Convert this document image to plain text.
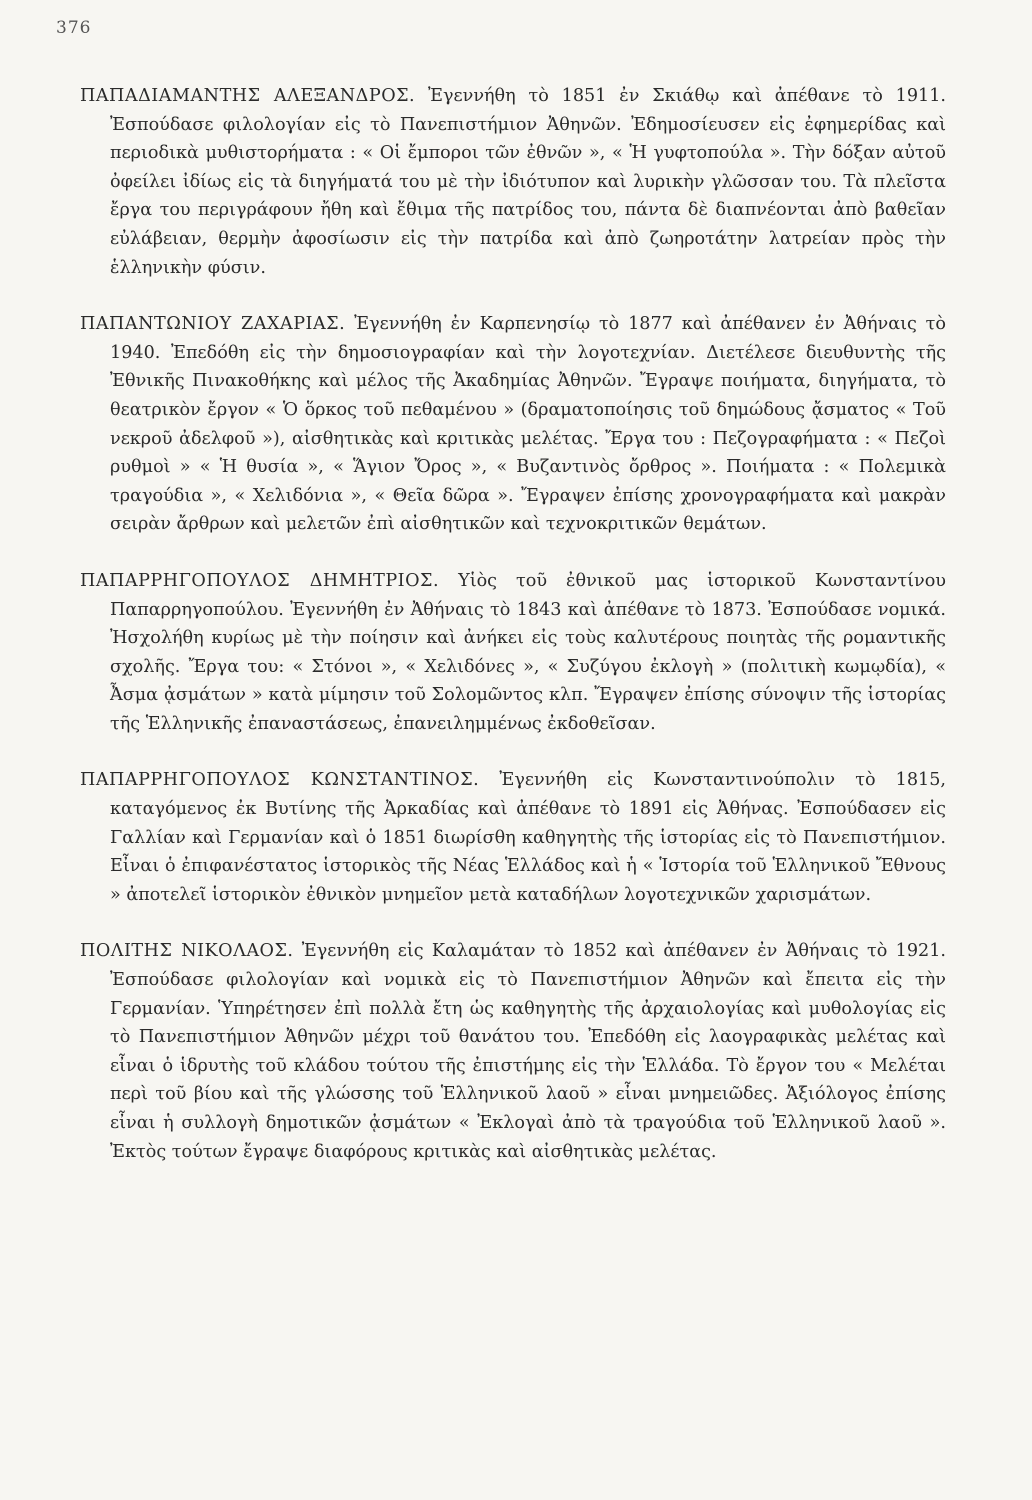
376

ΠΑΠΑΔΙΑΜΑΝΤΗΣ ΑΛΕΞΑΝΔΡΟΣ. Ἐγεννήθη τὸ 1851 ἐν Σκιάθῳ καὶ ἀπέθανε τὸ 1911. Ἐσπούδασε φιλολογίαν εἰς τὸ Πανεπιστήμιον Ἀθηνῶν. Ἐδημοσίευσεν εἰς ἐφημερίδας καὶ περιοδικὰ μυθιστορήματα : « Οἱ ἔμποροι τῶν ἐθνῶν », « Ἡ γυφτοπούλα ». Τὴν δόξαν αὐτοῦ ὀφείλει ἰδίως εἰς τὰ διηγήματά του μὲ τὴν ἰδιότυπον καὶ λυρικὴν γλῶσσαν του. Τὰ πλεῖστα ἔργα του περιγράφουν ἤθη καὶ ἔθιμα τῆς πατρίδος του, πάντα δὲ διαπνέονται ἀπὸ βαθεῖαν εὐλάβειαν, θερμὴν ἀφοσίωσιν εἰς τὴν πατρίδα καὶ ἀπὸ ζωηροτάτην λατρείαν πρὸς τὴν ἑλληνικὴν φύσιν.

ΠΑΠΑΝΤΩΝΙΟΥ ΖΑΧΑΡΙΑΣ. Ἐγεννήθη ἐν Καρπενησίῳ τὸ 1877 καὶ ἀπέθανεν ἐν Ἀθήναις τὸ 1940. Ἐπεδόθη εἰς τὴν δημοσιογραφίαν καὶ τὴν λογοτεχνίαν. Διετέλεσε διευθυντὴς τῆς Ἐθνικῆς Πινακοθήκης καὶ μέλος τῆς Ἀκαδημίας Ἀθηνῶν. Ἔγραψε ποιήματα, διηγήματα, τὸ θεατρικὸν ἔργον « Ὁ ὅρκος τοῦ πεθαμένου » (δραματοποίησις τοῦ δημώδους ᾄσματος « Τοῦ νεκροῦ ἀδελφοῦ »), αἰσθητικὰς καὶ κριτικὰς μελέτας. Ἔργα του : Πεζογραφήματα : « Πεζοὶ ρυθμοὶ » « Ἡ θυσία », « Ἅγιον Ὄρος », « Βυζαντινὸς ὄρθρος ». Ποιήματα : « Πολεμικὰ τραγούδια », « Χελιδόνια », « Θεῖα δῶρα ». Ἔγραψεν ἐπίσης χρονογραφήματα καὶ μακρὰν σειρὰν ἄρθρων καὶ μελετῶν ἐπὶ αἰσθητικῶν καὶ τεχνοκριτικῶν θεμάτων.

ΠΑΠΑΡΡΗΓΟΠΟΥΛΟΣ ΔΗΜΗΤΡΙΟΣ. Υἱὸς τοῦ ἐθνικοῦ μας ἱστορικοῦ Κωνσταντίνου Παπαρρηγοπούλου. Ἐγεννήθη ἐν Ἀθήναις τὸ 1843 καὶ ἀπέθανε τὸ 1873. Ἐσπούδασε νομικά. Ἠσχολήθη κυρίως μὲ τὴν ποίησιν καὶ ἀνήκει εἰς τοὺς καλυτέρους ποιητὰς τῆς ρομαντικῆς σχολῆς. Ἔργα του: « Στόνοι », « Χελιδόνες », « Συζύγου ἐκλογὴ » (πολιτικὴ κωμῳδία), « Ἆσμα ᾀσμάτων » κατὰ μίμησιν τοῦ Σολομῶντος κλπ. Ἔγραψεν ἐπίσης σύνοψιν τῆς ἱστορίας τῆς Ἑλληνικῆς ἐπαναστάσεως, ἐπανειλημμένως ἐκδοθεῖσαν.

ΠΑΠΑΡΡΗΓΟΠΟΥΛΟΣ ΚΩΝΣΤΑΝΤΙΝΟΣ. Ἐγεννήθη εἰς Κωνσταντινούπολιν τὸ 1815, καταγόμενος ἐκ Βυτίνης τῆς Ἀρκαδίας καὶ ἀπέθανε τὸ 1891 εἰς Ἀθήνας. Ἐσπούδασεν εἰς Γαλλίαν καὶ Γερμανίαν καὶ ὁ 1851 διωρίσθη καθηγητὴς τῆς ἱστορίας εἰς τὸ Πανεπιστήμιον. Εἶναι ὁ ἐπιφανέστατος ἱστορικὸς τῆς Νέας Ἑλλάδος καὶ ἡ « Ἱστορία τοῦ Ἑλληνικοῦ Ἔθνους » ἀποτελεῖ ἱστορικὸν ἐθνικὸν μνημεῖον μετὰ καταδήλων λογοτεχνικῶν χαρισμάτων.

ΠΟΛΙΤΗΣ ΝΙΚΟΛΑΟΣ. Ἐγεννήθη εἰς Καλαμάταν τὸ 1852 καὶ ἀπέθανεν ἐν Ἀθήναις τὸ 1921. Ἐσπούδασε φιλολογίαν καὶ νομικὰ εἰς τὸ Πανεπιστήμιον Ἀθηνῶν καὶ ἔπειτα εἰς τὴν Γερμανίαν. Ὑπηρέτησεν ἐπὶ πολλὰ ἔτη ὡς καθηγητὴς τῆς ἀρχαιολογίας καὶ μυθολογίας εἰς τὸ Πανεπιστήμιον Ἀθηνῶν μέχρι τοῦ θανάτου του. Ἐπεδόθη εἰς λαογραφικὰς μελέτας καὶ εἶναι ὁ ἱδρυτὴς τοῦ κλάδου τούτου τῆς ἐπιστήμης εἰς τὴν Ἑλλάδα. Τὸ ἔργον του « Μελέται περὶ τοῦ βίου καὶ τῆς γλώσσης τοῦ Ἑλληνικοῦ λαοῦ » εἶναι μνημειῶδες. Ἀξιόλογος ἐπίσης εἶναι ἡ συλλογὴ δημοτικῶν ᾀσμάτων « Ἐκλογαὶ ἀπὸ τὰ τραγούδια τοῦ Ἑλληνικοῦ λαοῦ ». Ἐκτὸς τούτων ἔγραψε διαφόρους κριτικὰς καὶ αἰσθητικὰς μελέτας.
